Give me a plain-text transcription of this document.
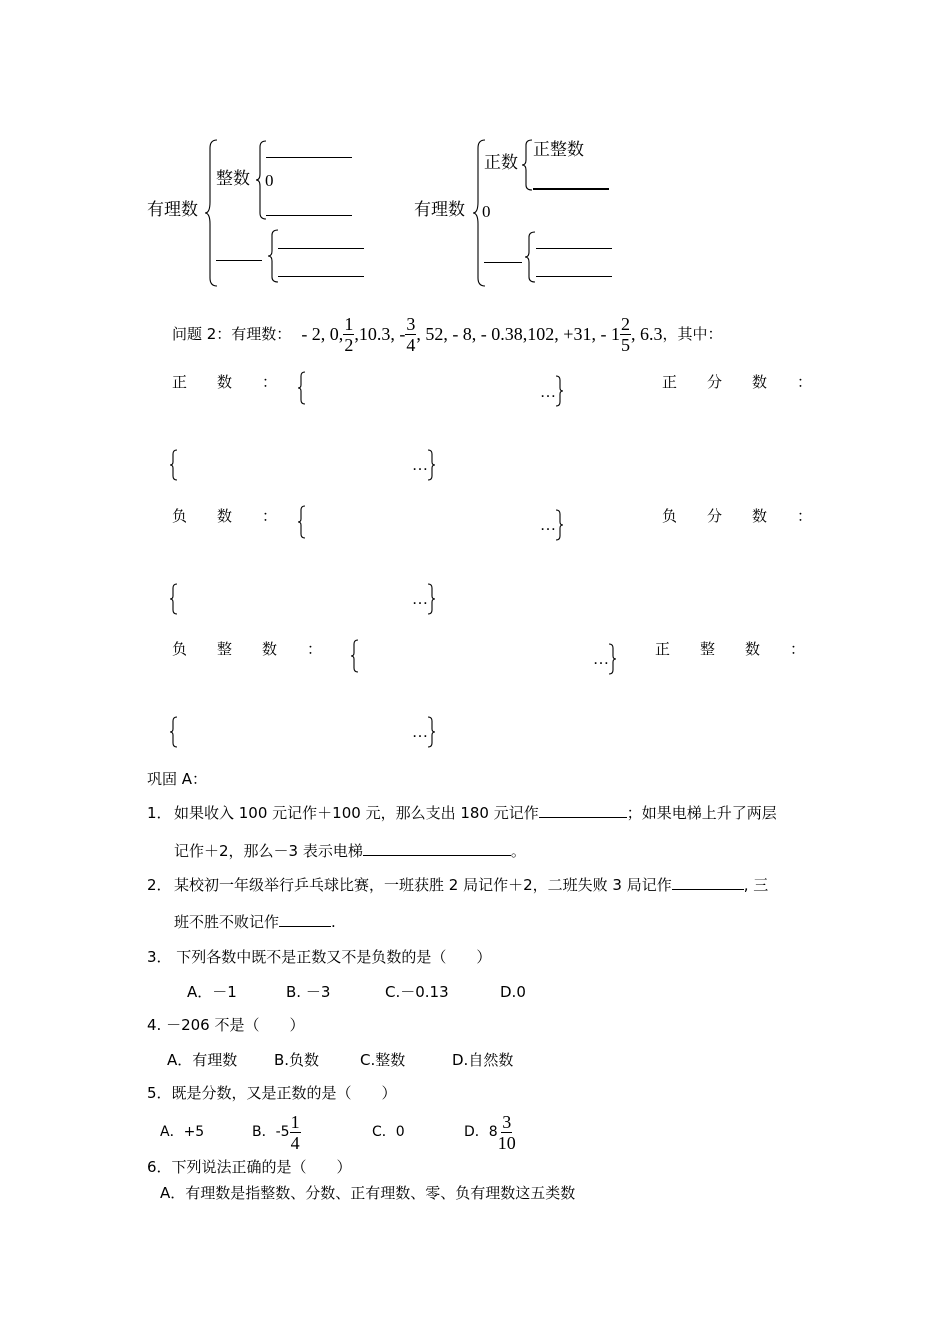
有理数
整数 0
有理数
正数
正整数
0
问题 2：有理数： - 2, 0, $\frac{1}{2} ,10.3$, - $\frac{3}{4}$ , 52, - 8, - 0.38,102, +31, - $1 \frac{2}{5}$ , 6.3 ，其中：
正　　数　　：
…
正　　分　　数　　：
…
负　　数　　：
…
负　　分　　数　　：
…
负　　整　　数　　：
…
正　　整　　数　　：
…
巩固 A：
1． 如果收入 100 元记作＋100 元，那么支出 180 元记作	；如果电梯上升了两层
记作＋2，那么－3 表示电梯	。
2． 某校初一年级举行乒乓球比赛，一班获胜 2 局记作＋2，二班失败 3 局记作	, 三
班不胜不败记作	.
3． 下列各数中既不是正数又不是负数的是（　　）
A．－1	B. －3	C.－0.13	D.0
4. －206 不是（　　）
A．有理数 B.负数	C.整数	D.自然数
5．既是分数，又是正数的是（　　）
A．+5	B．$-5 \frac{1}{4}$	C．0	D．$8 \frac{3}{10}$
6．下列说法正确的是（　　）
A．有理数是指整数、分数、正有理数、零、负有理数这五类数
